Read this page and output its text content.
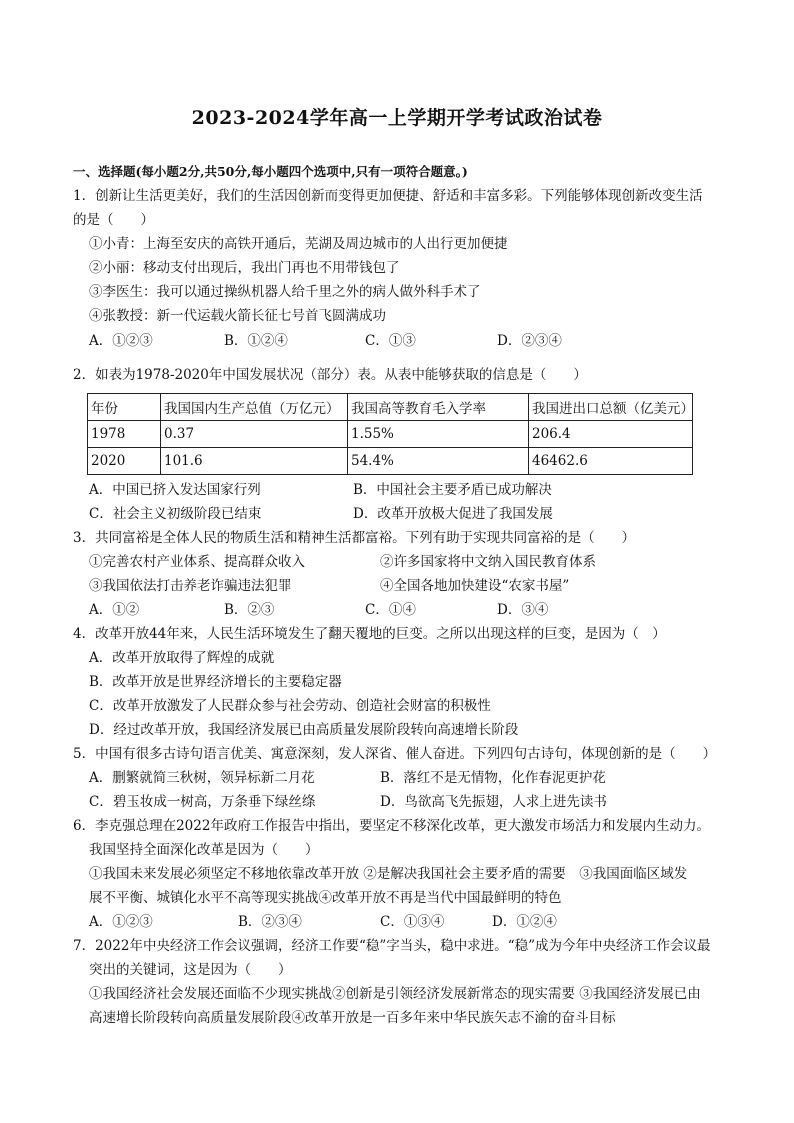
2023-2024学年高一上学期开学考试政治试卷
一、选择题(每小题2分,共50分,每小题四个选项中,只有一项符合题意。)
1．创新让生活更美好，我们的生活因创新而变得更加便捷、舒适和丰富多彩。下列能够体现创新改变生活
的是（　　）
①小青：上海至安庆的高铁开通后，芜湖及周边城市的人出行更加便捷
②小丽：移动支付出现后，我出门再也不用带钱包了
③李医生：我可以通过操纵机器人给千里之外的病人做外科手术了
④张教授：新一代运载火箭长征七号首飞圆满成功
A．①②③	B．①②④	C．①③	D．②③④
2．如表为1978-2020年中国发展状况（部分）表。从表中能够获取的信息是（　　）
年份	我国国内生产总值（万亿元）	我国高等教育毛入学率	我国进出口总额（亿美元）
1978	0.37	1.55%	206.4
2020	101.6	54.4%	46462.6
A．中国已挤入发达国家行列	B．中国社会主要矛盾已成功解决
C．社会主义初级阶段已结束	D．改革开放极大促进了我国发展
3．共同富裕是全体人民的物质生活和精神生活都富裕。下列有助于实现共同富裕的是（　　）
①完善农村产业体系、提高群众收入	②许多国家将中文纳入国民教育体系
③我国依法打击养老诈骗违法犯罪	④全国各地加快建设“农家书屋”
A．①②	B．②③	C．①④	D．③④
4．改革开放44年来，人民生活环境发生了翻天覆地的巨变。之所以出现这样的巨变，是因为（　）
A．改革开放取得了辉煌的成就
B．改革开放是世界经济增长的主要稳定器
C．改革开放激发了人民群众参与社会劳动、创造社会财富的积极性
D．经过改革开放，我国经济发展已由高质量发展阶段转向高速增长阶段
5．中国有很多古诗句语言优美、寓意深刻，发人深省、催人奋进。下列四句古诗句，体现创新的是（　　）
A．删繁就简三秋树，领异标新二月花	B．落红不是无情物，化作春泥更护花
C．碧玉妆成一树高，万条垂下绿丝绦	D．鸟欲高飞先振翅，人求上进先读书
6．李克强总理在2022年政府工作报告中指出，要坚定不移深化改革，更大激发市场活力和发展内生动力。
我国坚持全面深化改革是因为（　　）
①我国未来发展必须坚定不移地依靠改革开放 ②是解决我国社会主要矛盾的需要　③我国面临区域发
展不平衡、城镇化水平不高等现实挑战④改革开放不再是当代中国最鲜明的特色
A．①②③	B．②③④	C．①③④	D．①②④
7．2022年中央经济工作会议强调，经济工作要“稳”字当头，稳中求进。“稳”成为今年中央经济工作会议最
突出的关键词，这是因为（　　）
①我国经济社会发展还面临不少现实挑战②创新是引领经济发展新常态的现实需要 ③我国经济发展已由
高速增长阶段转向高质量发展阶段④改革开放是一百多年来中华民族矢志不渝的奋斗目标
